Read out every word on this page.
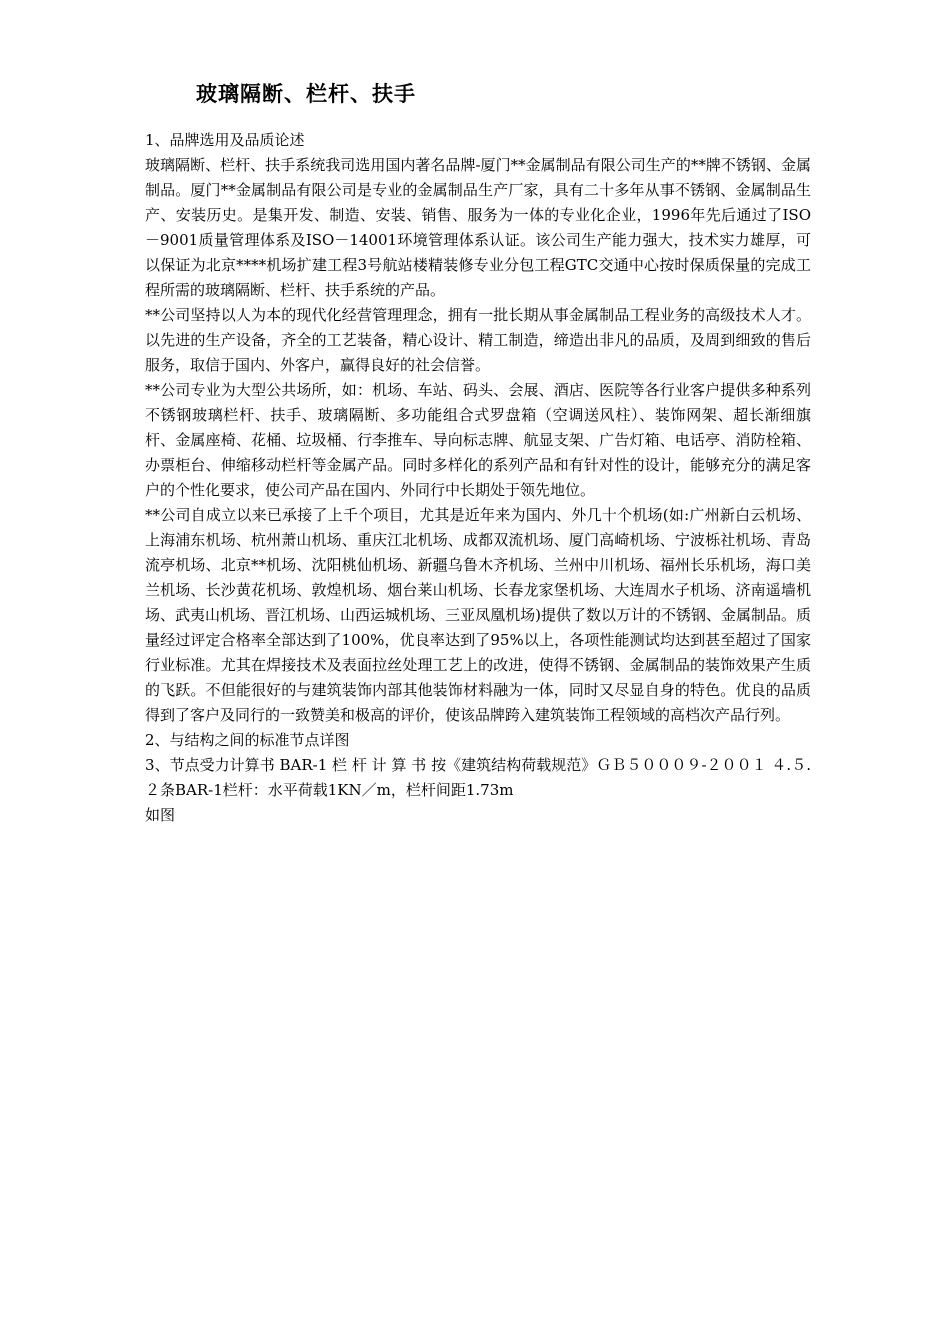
玻璃隔断、栏杆、扶手

1、品牌选用及品质论述

玻璃隔断、栏杆、扶手系统我司选用国内著名品牌-厦门**金属制品有限公司生产的**牌不锈钢、金属制品。厦门**金属制品有限公司是专业的金属制品生产厂家，具有二十多年从事不锈钢、金属制品生产、安装历史。是集开发、制造、安装、销售、服务为一体的专业化企业，1996年先后通过了ISO－9001质量管理体系及ISO－14001环境管理体系认证。该公司生产能力强大，技术实力雄厚，可以保证为北京****机场扩建工程3号航站楼精装修专业分包工程GTC交通中心按时保质保量的完成工程所需的玻璃隔断、栏杆、扶手系统的产品。

**公司坚持以人为本的现代化经营管理理念，拥有一批长期从事金属制品工程业务的高级技术人才。以先进的生产设备，齐全的工艺装备，精心设计、精工制造，缔造出非凡的品质，及周到细致的售后服务，取信于国内、外客户，赢得良好的社会信誉。

**公司专业为大型公共场所，如：机场、车站、码头、会展、酒店、医院等各行业客户提供多种系列不锈钢玻璃栏杆、扶手、玻璃隔断、多功能组合式罗盘箱（空调送风柱）、装饰网架、超长渐细旗杆、金属座椅、花桶、垃圾桶、行李推车、导向标志牌、航显支架、广告灯箱、电话亭、消防栓箱、办票柜台、伸缩移动栏杆等金属产品。同时多样化的系列产品和有针对性的设计，能够充分的满足客户的个性化要求，使公司产品在国内、外同行中长期处于领先地位。

**公司自成立以来已承接了上千个项目，尤其是近年来为国内、外几十个机场(如:广州新白云机场、上海浦东机场、杭州萧山机场、重庆江北机场、成都双流机场、厦门高崎机场、宁波栎社机场、青岛流亭机场、北京**机场、沈阳桃仙机场、新疆乌鲁木齐机场、兰州中川机场、福州长乐机场，海口美兰机场、长沙黄花机场、敦煌机场、烟台莱山机场、长春龙家堡机场、大连周水子机场、济南遥墙机场、武夷山机场、晋江机场、山西运城机场、三亚凤凰机场)提供了数以万计的不锈钢、金属制品。质量经过评定合格率全部达到了100%，优良率达到了95%以上，各项性能测试均达到甚至超过了国家行业标准。尤其在焊接技术及表面拉丝处理工艺上的改进，使得不锈钢、金属制品的装饰效果产生质的飞跃。不但能很好的与建筑装饰内部其他装饰材料融为一体，同时又尽显自身的特色。优良的品质得到了客户及同行的一致赞美和极高的评价，使该品牌跨入建筑装饰工程领域的高档次产品行列。

2、与结构之间的标准节点详图

3、节点受力计算书 BAR-1 栏 杆 计 算 书 按《建筑结构荷载规范》ＧＢ５０００９-２００１ ４.５.２条BAR-1栏杆：水平荷载1KN／m，栏杆间距1.73m

如图
